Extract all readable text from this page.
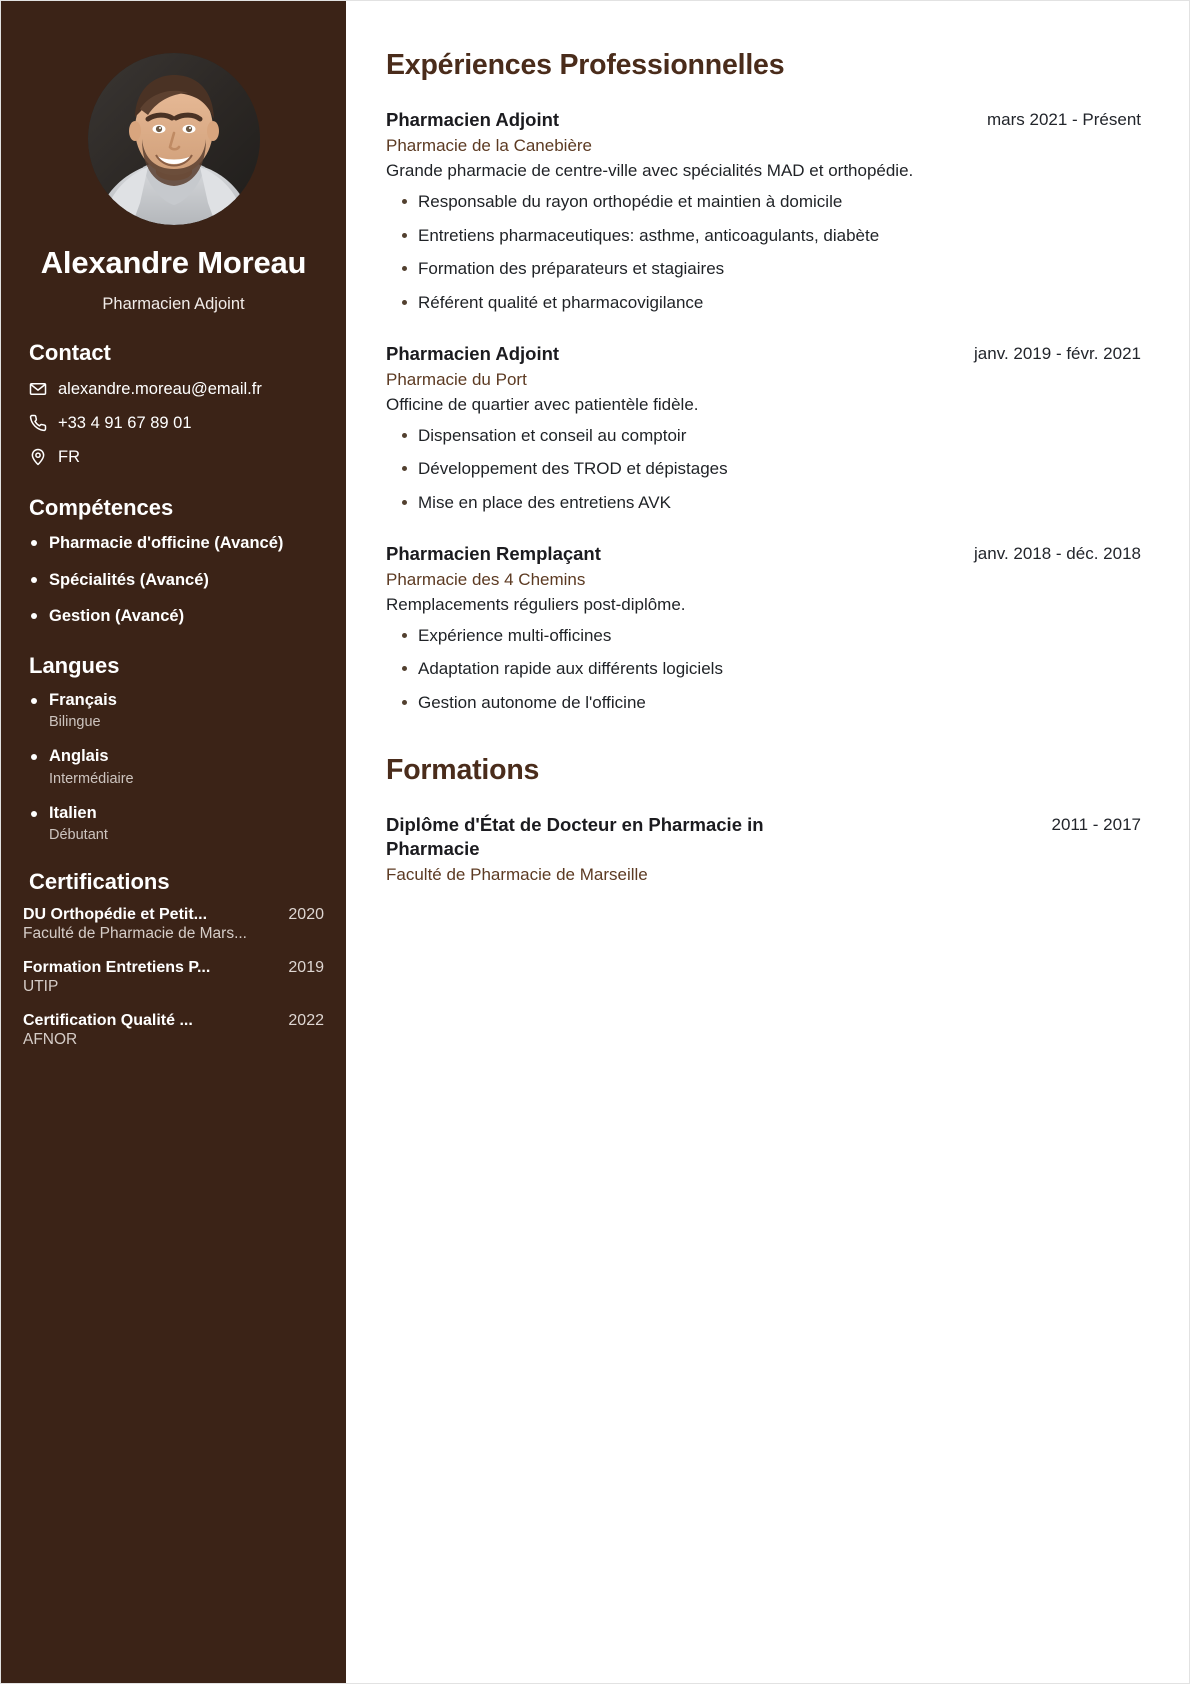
Alexandre Moreau
Pharmacien Adjoint
Contact
alexandre.moreau@email.fr
+33 4 91 67 89 01
FR
Compétences
Pharmacie d'officine (Avancé)
Spécialités (Avancé)
Gestion (Avancé)
Langues
Français
Bilingue
Anglais
Intermédiaire
Italien
Débutant
Certifications
DU Orthopédie et Petit...	2020
Faculté de Pharmacie de Mars...
Formation Entretiens P...	2019
UTIP
Certification Qualité ...	2022
AFNOR
Expériences Professionnelles
Pharmacien Adjoint	mars 2021 - Présent
Pharmacie de la Canebière
Grande pharmacie de centre-ville avec spécialités MAD et orthopédie.
Responsable du rayon orthopédie et maintien à domicile
Entretiens pharmaceutiques: asthme, anticoagulants, diabète
Formation des préparateurs et stagiaires
Référent qualité et pharmacovigilance
Pharmacien Adjoint	janv. 2019 - févr. 2021
Pharmacie du Port
Officine de quartier avec patientèle fidèle.
Dispensation et conseil au comptoir
Développement des TROD et dépistages
Mise en place des entretiens AVK
Pharmacien Remplaçant	janv. 2018 - déc. 2018
Pharmacie des 4 Chemins
Remplacements réguliers post-diplôme.
Expérience multi-officines
Adaptation rapide aux différents logiciels
Gestion autonome de l'officine
Formations
Diplôme d'État de Docteur en Pharmacie in Pharmacie
2011 - 2017
Faculté de Pharmacie de Marseille
